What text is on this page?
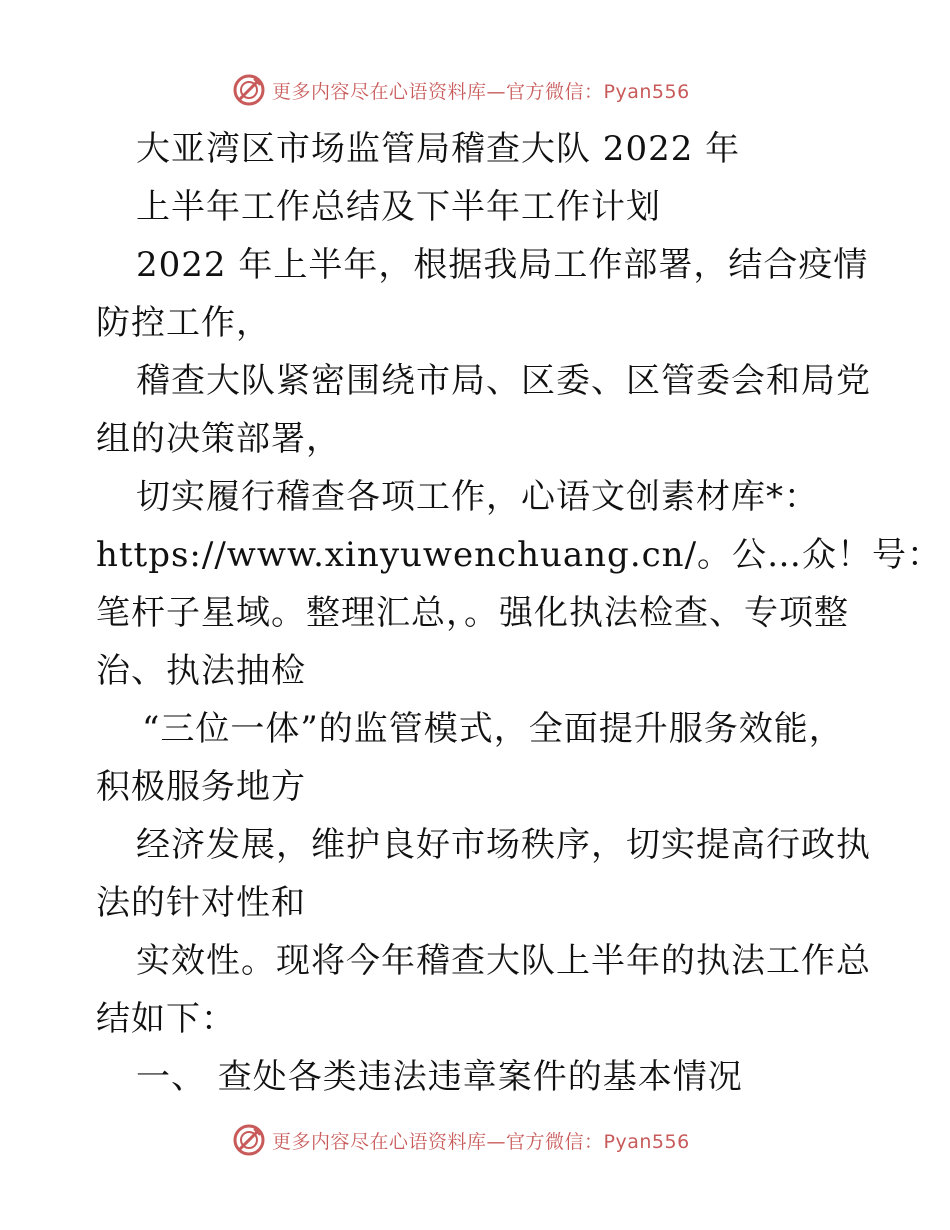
更多内容尽在心语资料库—官方微信：Pyan556
大亚湾区市场监管局稽查大队 2022 年
上半年工作总结及下半年工作计划
2022 年上半年，根据我局工作部署，结合疫情
防控工作，
稽查大队紧密围绕市局、区委、区管委会和局党
组的决策部署，
切实履行稽查各项工作，心语文创素材库*：
https://www.xinyuwenchuang.cn/。公…众！号：
笔杆子星域。整理汇总，。强化执法检查、专项整
治、执法抽检
“三位一体”的监管模式，全面提升服务效能，
积极服务地方
经济发展，维护良好市场秩序，切实提高行政执
法的针对性和
实效性。现将今年稽查大队上半年的执法工作总
结如下：
一、 查处各类违法违章案件的基本情况
更多内容尽在心语资料库—官方微信：Pyan556
